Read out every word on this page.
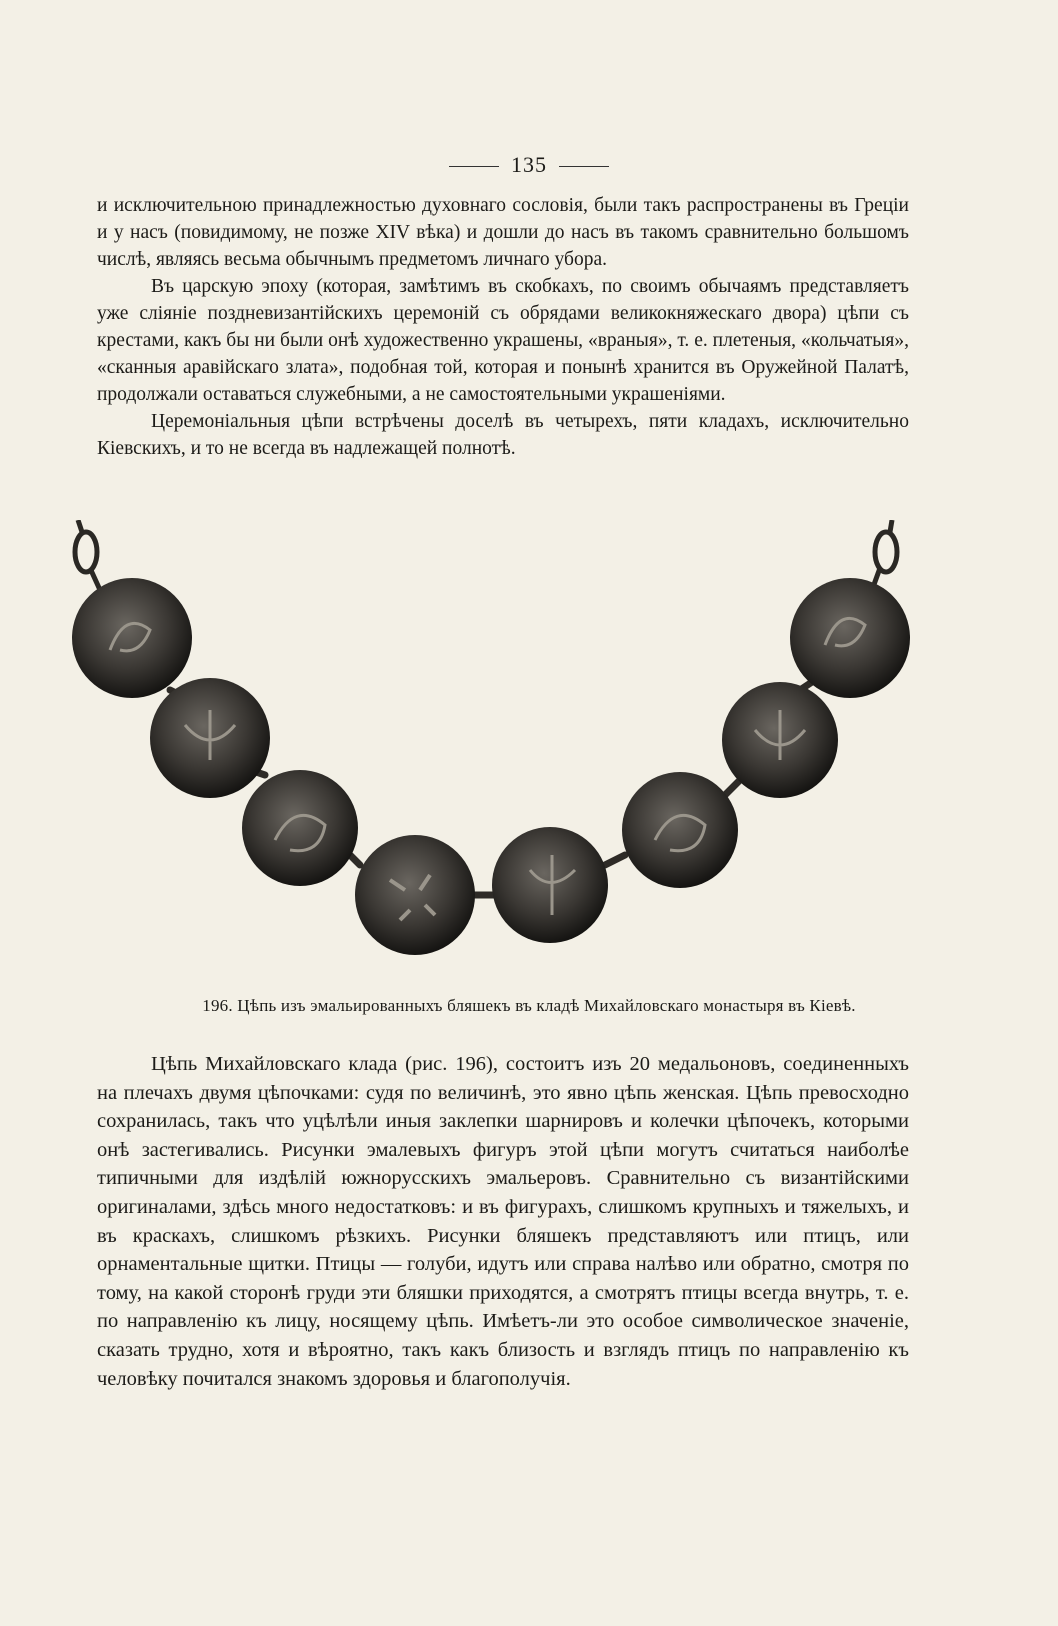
135

и исключительною принадлежностью духовнаго сословія, были такъ распространены въ Греціи и у насъ (повидимому, не позже XIV вѣка) и дошли до насъ въ такомъ сравнительно большомъ числѣ, являясь весьма обычнымъ предметомъ личнаго убора.

Въ царскую эпоху (которая, замѣтимъ въ скобкахъ, по своимъ обычаямъ представляетъ уже сліяніе поздневизантійскихъ церемоній съ обрядами великокняжескаго двора) цѣпи съ крестами, какъ бы ни были онѣ художественно украшены, «враныя», т. е. плетеныя, «кольчатыя», «сканныя аравійскаго злата», подобная той, которая и понынѣ хранится въ Оружейной Палатѣ, продолжали оставаться служебными, а не самостоятельными украшеніями.

Церемоніальныя цѣпи встрѣчены доселѣ въ четырехъ, пяти кладахъ, исключительно Кіевскихъ, и то не всегда въ надлежащей полнотѣ.

196. Цѣпь изъ эмальированныхъ бляшекъ въ кладѣ Михайловскаго монастыря въ Кіевѣ.

Цѣпь Михайловскаго клада (рис. 196), состоитъ изъ 20 медальоновъ, соединенныхъ на плечахъ двумя цѣпочками: судя по величинѣ, это явно цѣпь женская. Цѣпь превосходно сохранилась, такъ что уцѣлѣли иныя заклепки шарнировъ и колечки цѣпочекъ, которыми онѣ застегивались. Рисунки эмалевыхъ фигуръ этой цѣпи могутъ считаться наиболѣе типичными для издѣлій южнорусскихъ эмальеровъ. Сравнительно съ византійскими оригиналами, здѣсь много недостатковъ: и въ фигурахъ, слишкомъ крупныхъ и тяжелыхъ, и въ краскахъ, слишкомъ рѣзкихъ. Рисунки бляшекъ представляютъ или птицъ, или орнаментальные щитки. Птицы — голуби, идутъ или справа налѣво или обратно, смотря по тому, на какой сторонѣ груди эти бляшки приходятся, а смотрятъ птицы всегда внутрь, т. е. по направленію къ лицу, носящему цѣпь. Имѣетъ-ли это особое символическое значеніе, сказать трудно, хотя и вѣроятно, такъ какъ близость и взглядъ птицъ по направленію къ человѣку почитался знакомъ здоровья и благополучія.
